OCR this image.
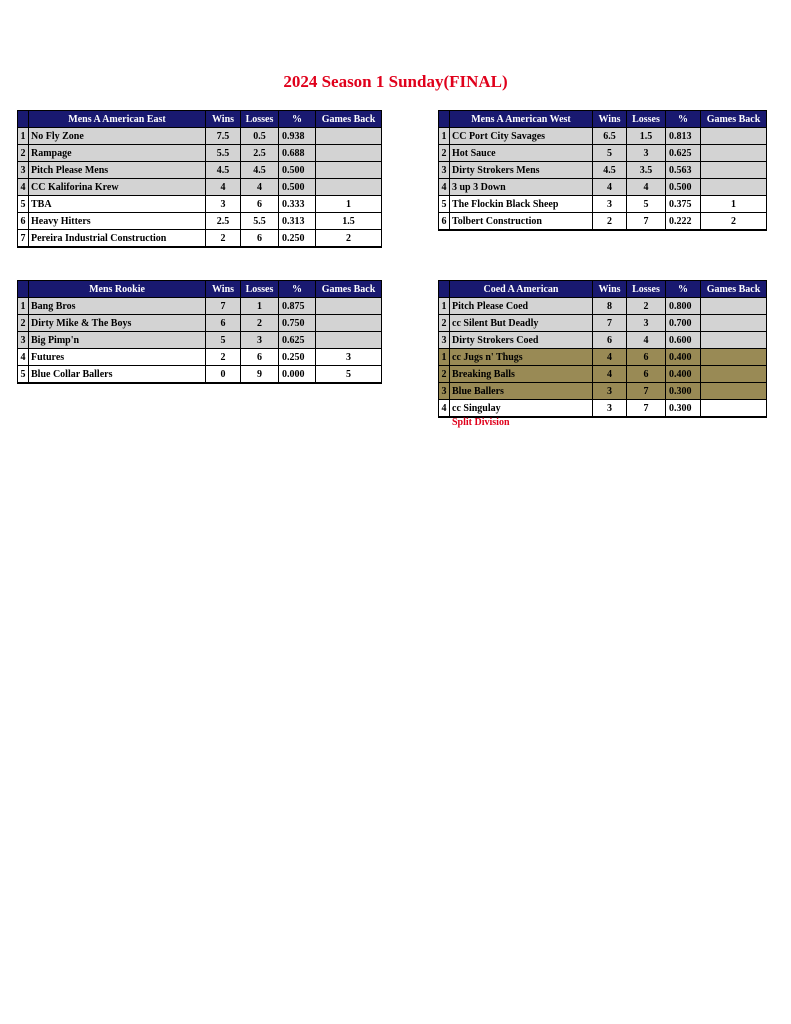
2024 Season 1 Sunday(FINAL)
	Mens A American East	Wins	Losses	%	Games Back
1	No Fly Zone	7.5	0.5	0.938	
2	Rampage	5.5	2.5	0.688	
3	Pitch Please Mens	4.5	4.5	0.500	
4	CC Kaliforina Krew	4	4	0.500	
5	TBA	3	6	0.333	1
6	Heavy Hitters	2.5	5.5	0.313	1.5
7	Pereira Industrial Construction	2	6	0.250	2
	Mens A American West	Wins	Losses	%	Games Back
1	CC Port City Savages	6.5	1.5	0.813	
2	Hot Sauce	5	3	0.625	
3	Dirty Strokers Mens	4.5	3.5	0.563	
4	3 up 3 Down	4	4	0.500	
5	The Flockin Black Sheep	3	5	0.375	1
6	Tolbert Construction	2	7	0.222	2
	Mens Rookie	Wins	Losses	%	Games Back
1	Bang Bros	7	1	0.875	
2	Dirty Mike & The Boys	6	2	0.750	
3	Big Pimp'n	5	3	0.625	
4	Futures	2	6	0.250	3
5	Blue Collar Ballers	0	9	0.000	5
	Coed A American	Wins	Losses	%	Games Back
1	Pitch Please Coed	8	2	0.800	
2	cc Silent But Deadly	7	3	0.700	
3	Dirty Strokers Coed	6	4	0.600	
1	cc Jugs n' Thugs	4	6	0.400	
2	Breaking Balls	4	6	0.400	
3	Blue Ballers	3	7	0.300	
4	cc Singulay	3	7	0.300	
Split Division
